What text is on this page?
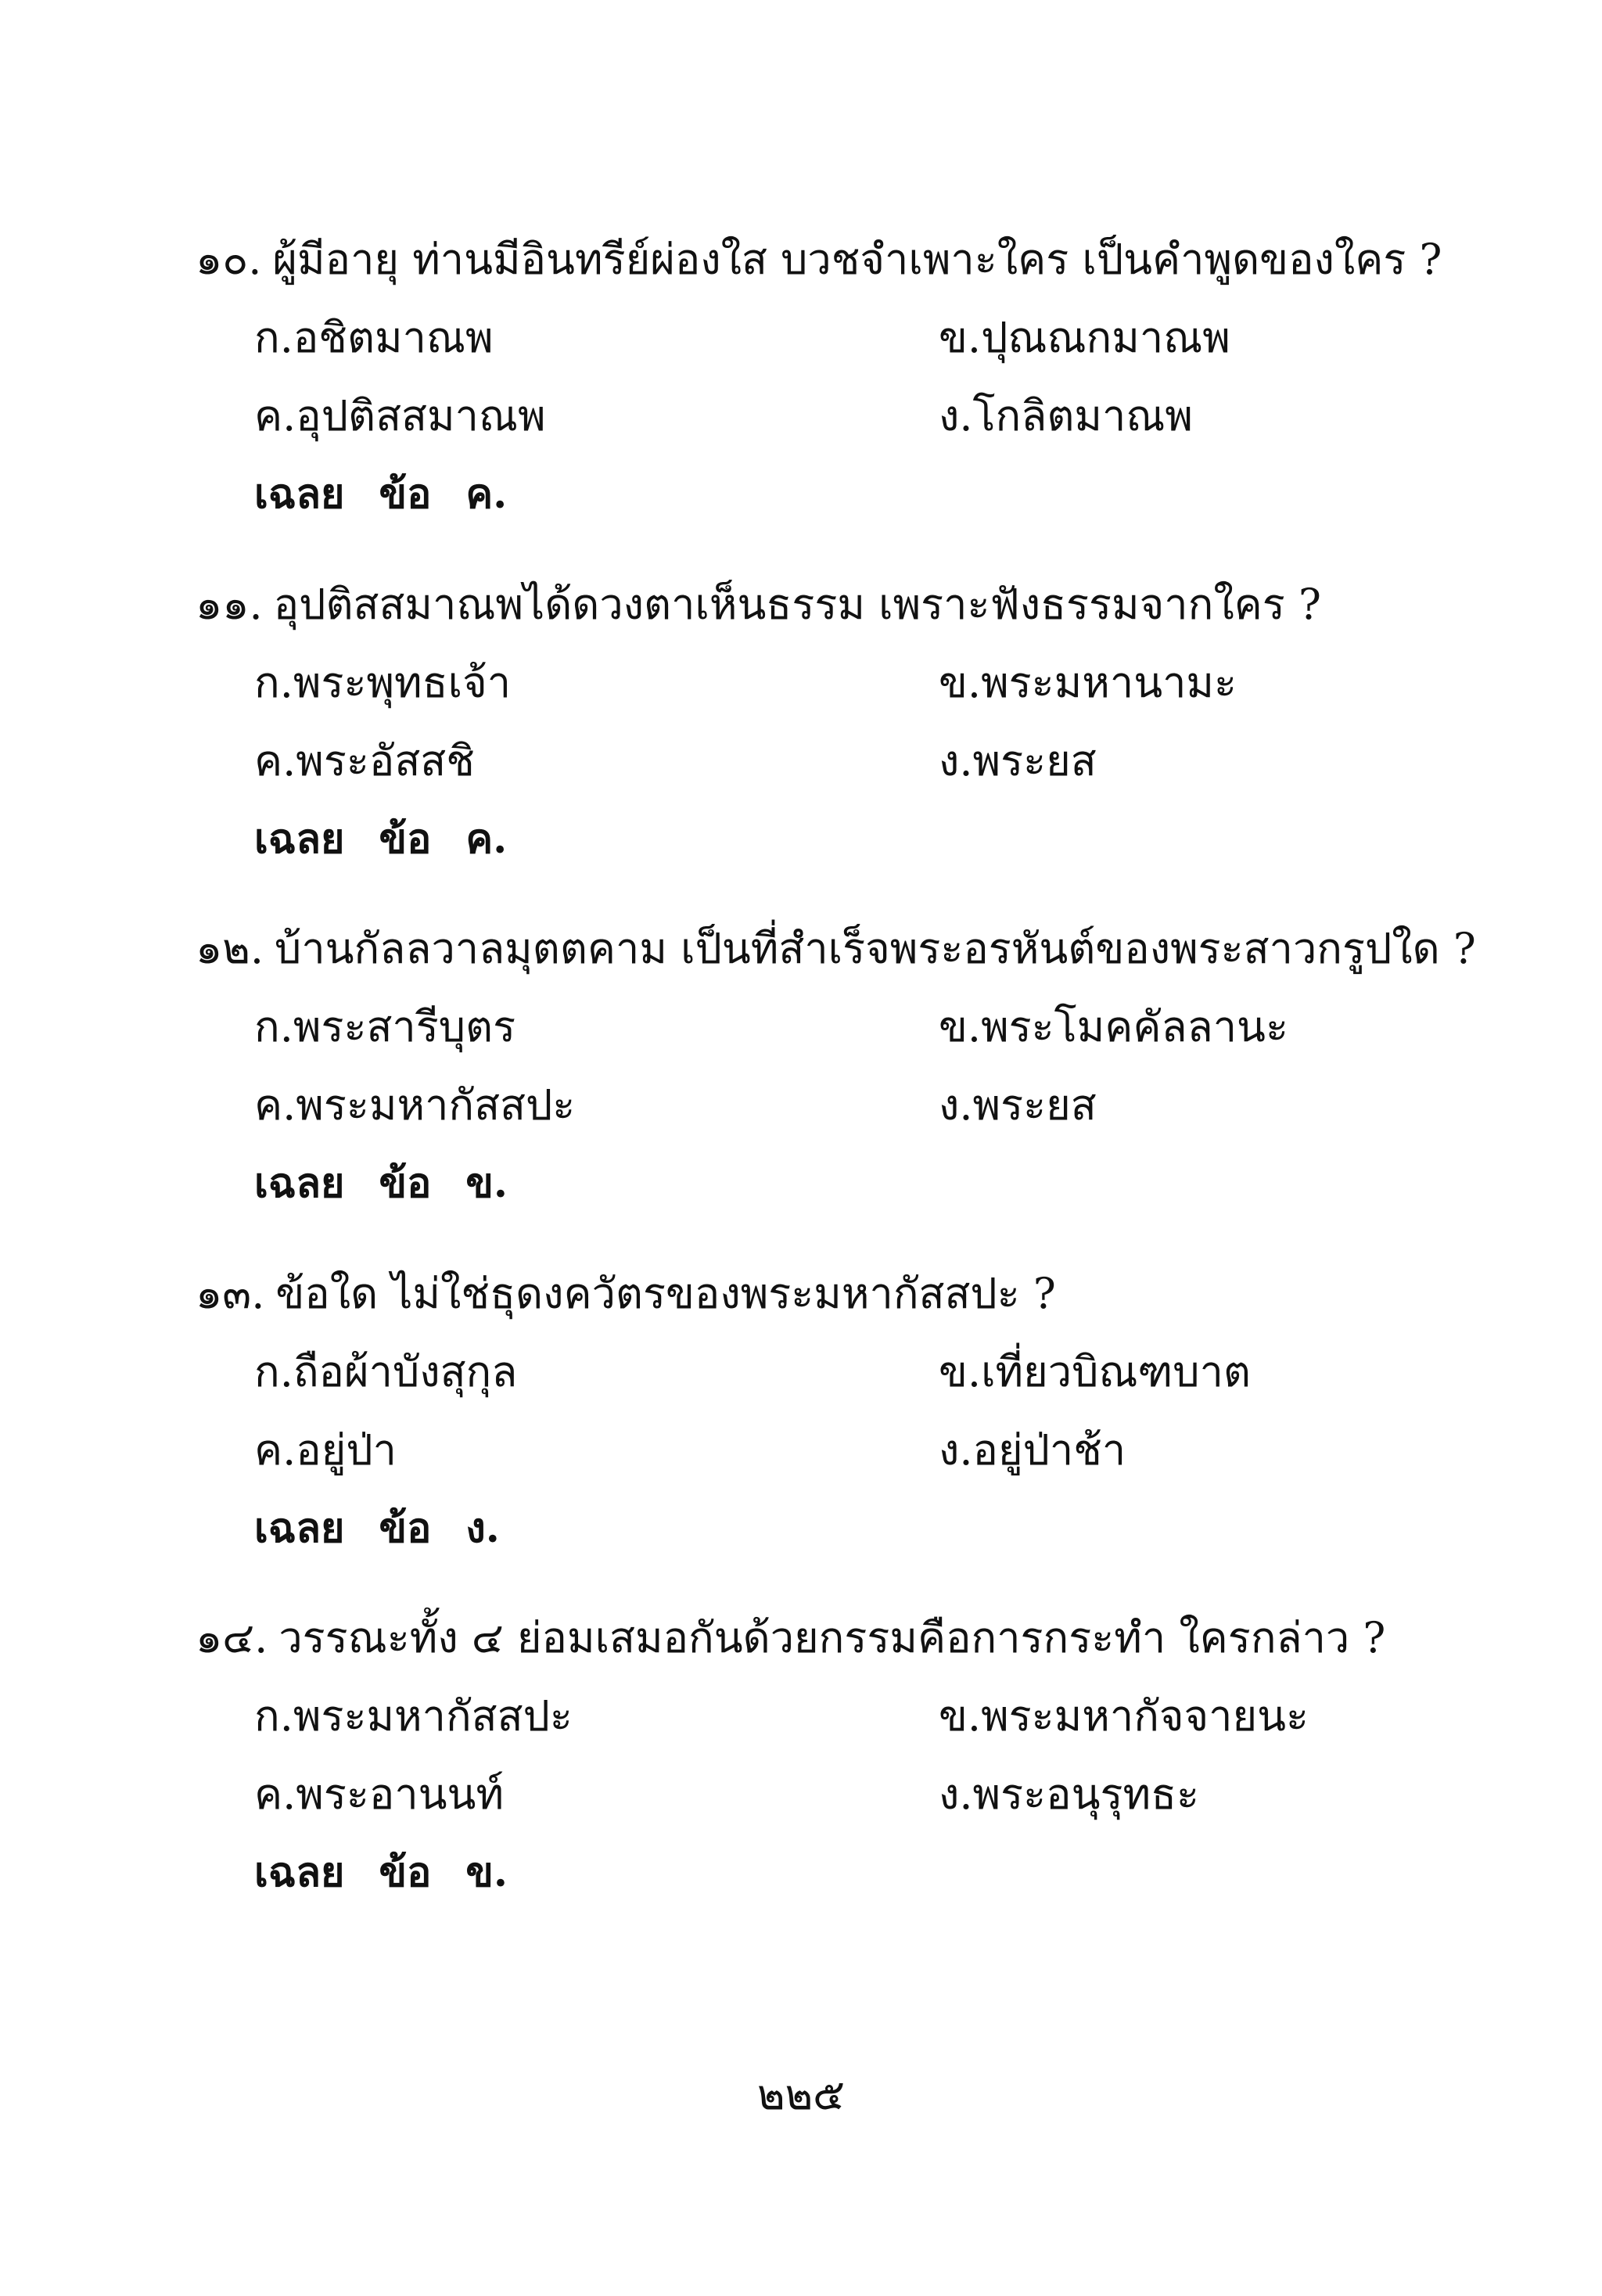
๑๐. ผู้มีอายุ ท่านมีอินทรีย์ผ่องใส บวชจำเพาะใคร เป็นคำพูดของใคร ?
ก.อชิตมาณพ	ข.ปุณณกมาณพ
ค.อุปติสสมาณพ	ง.โกลิตมาณพ
เฉลย ข้อ ค.
๑๑. อุปติสสมาณพได้ดวงตาเห็นธรรม เพราะฟังธรรมจากใคร ?
ก.พระพุทธเจ้า	ข.พระมหานามะ
ค.พระอัสสชิ	ง.พระยส
เฉลย ข้อ ค.
๑๒. บ้านกัลลวาลมุตตคาม เป็นที่สำเร็จพระอรหันต์ของพระสาวกรูปใด ?
ก.พระสารีบุตร	ข.พระโมคคัลลานะ
ค.พระมหากัสสปะ	ง.พระยส
เฉลย ข้อ ข.
๑๓. ข้อใด ไม่ใช่ธุดงควัตรของพระมหากัสสปะ ?
ก.ถือผ้าบังสุกุล	ข.เที่ยวบิณฑบาต
ค.อยู่ป่า	ง.อยู่ป่าช้า
เฉลย ข้อ ง.
๑๔. วรรณะทั้ง ๔ ย่อมเสมอกันด้วยกรรมคือการกระทำ ใครกล่าว ?
ก.พระมหากัสสปะ	ข.พระมหากัจจายนะ
ค.พระอานนท์	ง.พระอนุรุทธะ
เฉลย ข้อ ข.
๒๒๕
